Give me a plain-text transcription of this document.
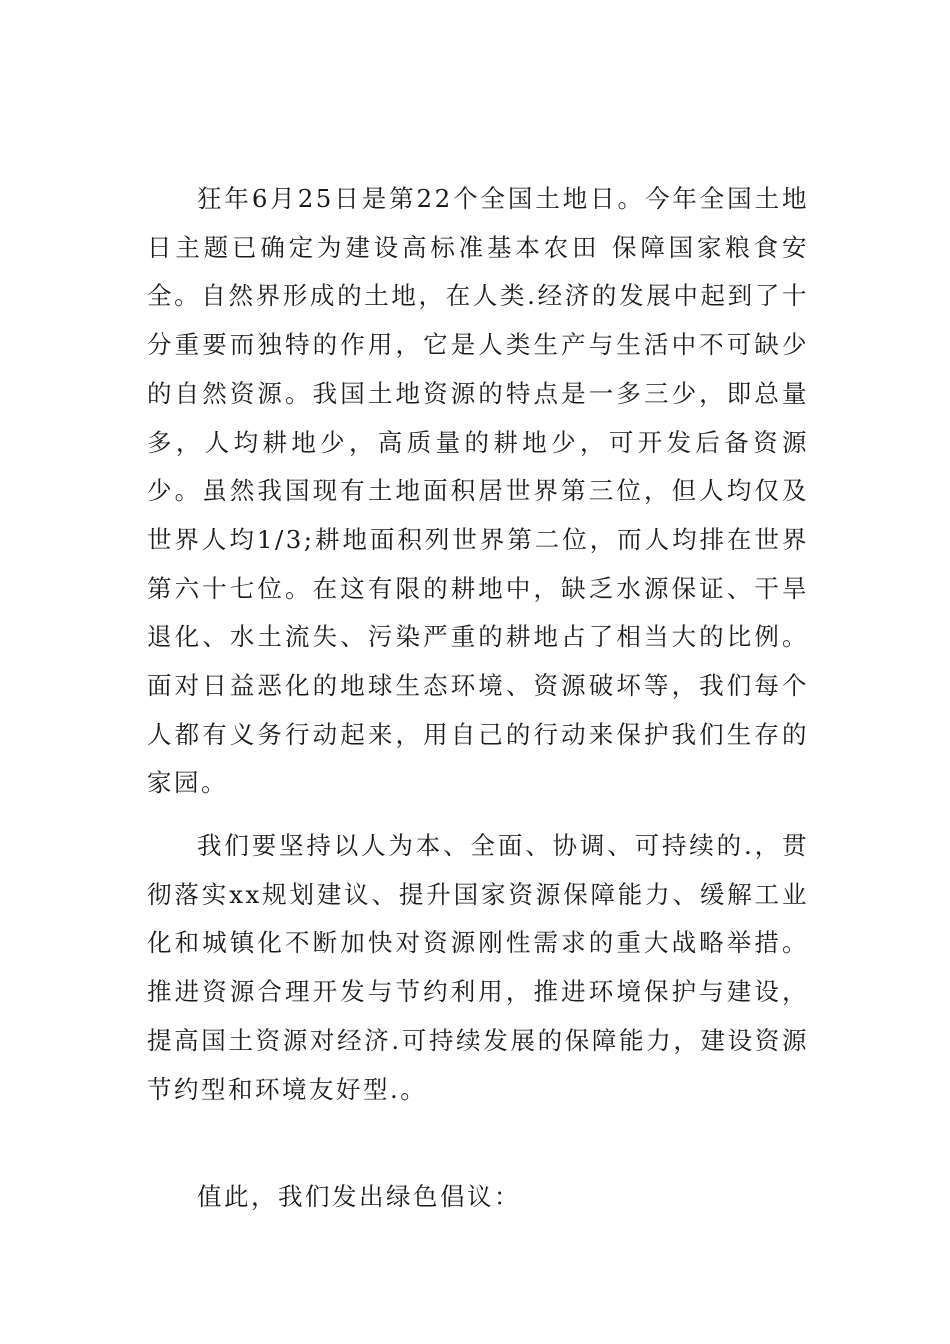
狂年6月25日是第22个全国土地日。今年全国土地日主题已确定为建设高标准基本农田 保障国家粮食安全。自然界形成的土地，在人类.经济的发展中起到了十分重要而独特的作用，它是人类生产与生活中不可缺少的自然资源。我国土地资源的特点是一多三少，即总量多，人均耕地少，高质量的耕地少，可开发后备资源少。虽然我国现有土地面积居世界第三位，但人均仅及世界人均1/3;耕地面积列世界第二位，而人均排在世界第六十七位。在这有限的耕地中，缺乏水源保证、干旱退化、水土流失、污染严重的耕地占了相当大的比例。面对日益恶化的地球生态环境、资源破坏等，我们每个人都有义务行动起来，用自己的行动来保护我们生存的家园。

我们要坚持以人为本、全面、协调、可持续的.，贯彻落实xx规划建议、提升国家资源保障能力、缓解工业化和城镇化不断加快对资源刚性需求的重大战略举措。推进资源合理开发与节约利用，推进环境保护与建设，提高国土资源对经济.可持续发展的保障能力，建设资源节约型和环境友好型.。

值此，我们发出绿色倡议：
